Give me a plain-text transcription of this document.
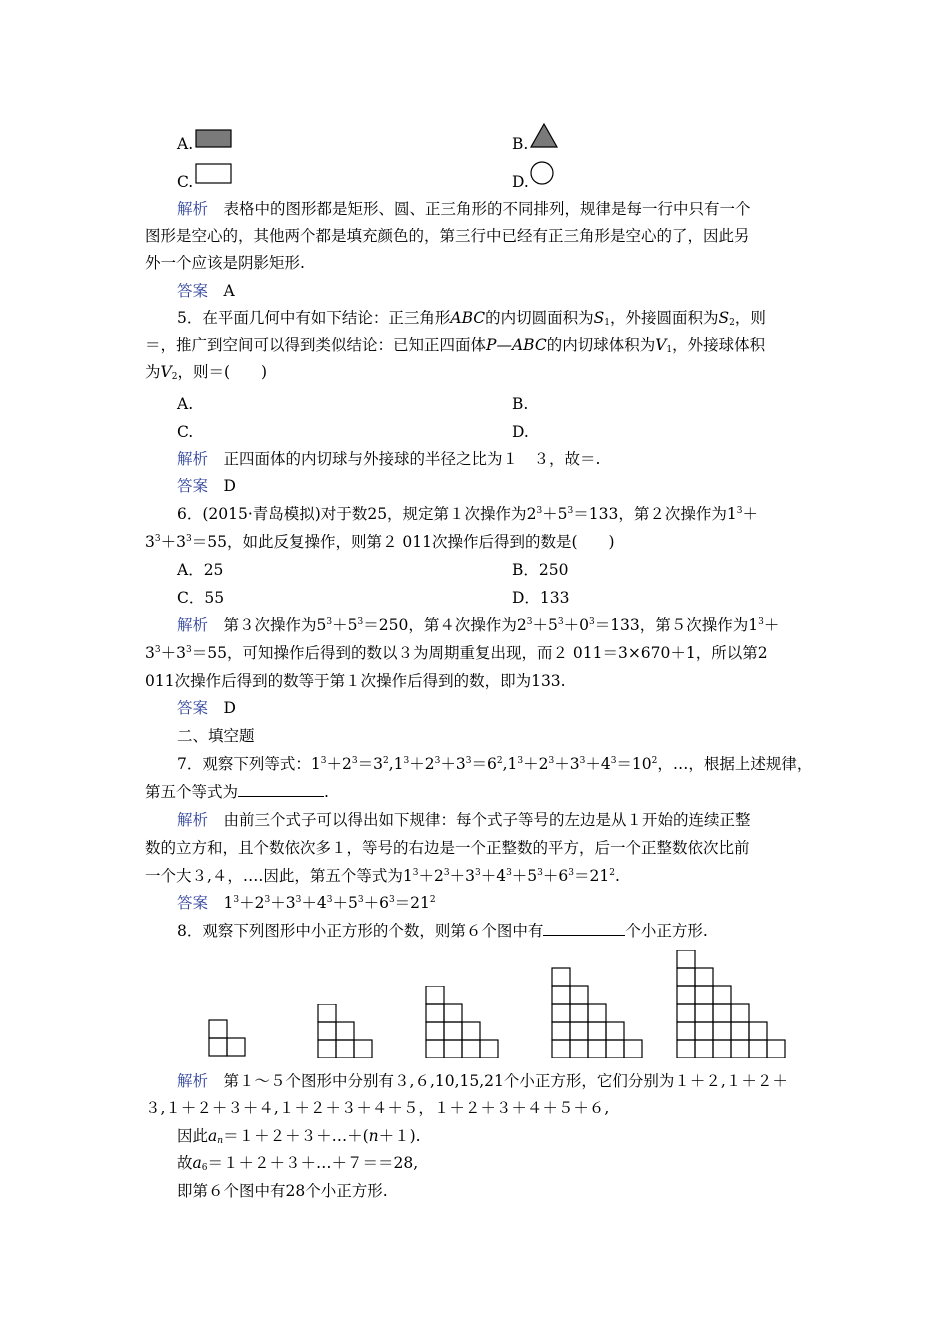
A.	B.
C.	D.
解析　 表格中的图形都是矩形、圆、正三角形的不同排列，规律是每一行中只有一个
图形是空心的，其他两个都是填充颜色的，第三行中已经有正三角形是空心的了，因此另
外一个应该是阴影矩形.
答案　 A
5．在平面几何中有如下结论：正三角形ABC的内切圆面积为$S_1$，外接圆面积为$S_2$，则
＝，推广到空间可以得到类似结论：已知正四面体P—ABC的内切球体积为$V_1$，外接球体积
为$V_2$，则＝(　　)
A.	B.
C.	D.
解析　 正四面体的内切球与外接球的半径之比为１　３，故＝.
答案　 D
6．(2015·青岛模拟)对于数25，规定第１次操作为$2^3+5^3=133$，第２次操作为$1^3+$
$3^3+3^3=55$，如此反复操作，则第２ 011次操作后得到的数是(　　)
A．25	B．250
C．55	D．133
解析　 第３次操作为$5^3+5^3=250$，第４次操作为$2^3+5^3+0^3=133$，第５次操作为$1^3+$
$3^3+3^3=55$，可知操作后得到的数以３为周期重复出现，而２ 011＝3×670＋1，所以第2
011次操作后得到的数等于第１次操作后得到的数，即为133.
答案　 D
二、填空题
7．观察下列等式：$1^3+2^3=3^2,1^3+2^3+3^3=6^2,1^3+2^3+3^3+4^3=10^2$，…，根据上述规律，
第五个等式为	.
解析　 由前三个式子可以得出如下规律：每个式子等号的左边是从１开始的连续正整
数的立方和，且个数依次多１，等号的右边是一个正整数的平方，后一个正整数依次比前
一个大３,４，….因此，第五个等式为$1^3+2^3+3^3+4^3+5^3+6^3=21^2$.
答案　$1^3+2^3+3^3+4^3+5^3+6^3=21^2$
8．观察下列图形中小正方形的个数，则第６个图中有	个小正方形.
解析　 第１～５个图形中分别有３,６,10,15,21个小正方形，它们分别为１＋２,１＋２＋
３,１＋２＋３＋４,１＋２＋３＋４＋５，１＋２＋３＋４＋５＋６,
因此$a_n=1+2+3+\dots+(n+1)$.
故$a_6=1+2+3+\dots+7==28$,
即第６个图中有28个小正方形.
